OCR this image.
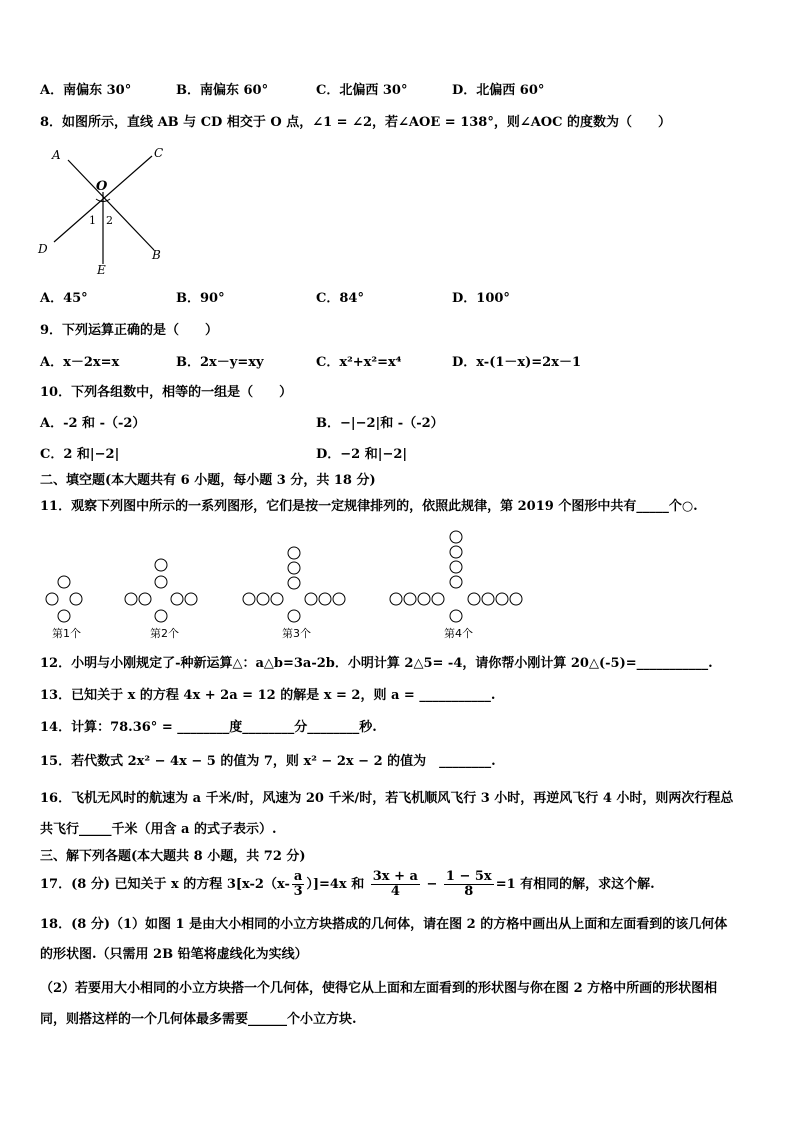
A．南偏东 30°	B．南偏东 60°	C．北偏西 30°	D．北偏西 60°
8．如图所示，直线 AB 与 CD 相交于 O 点，∠1 = ∠2，若∠AOE = 138°，则∠AOC 的度数为（　　）
A	C
O
1 2
D	B
E
A．45°	B．90°	C．84°	D．100°
9．下列运算正确的是（　　）
A．x－2x=x	B．2x－y=xy	C．x²+x²=x⁴	D．x-(1－x)=2x－1
10．下列各组数中，相等的一组是（　　）
A．-2 和 -（-2）	B．−|−2|和 -（-2）
C．2 和|−2|	D．−2 和|−2|
二、填空题(本大题共有 6 小题，每小题 3 分，共 18 分)
11．观察下列图中所示的一系列图形，它们是按一定规律排列的，依照此规律，第 2019 个图形中共有_____个○.
第1个	第2个	第3个	第4个
12．小明与小刚规定了-种新运算△：a△b=3a-2b．小明计算 2△5= -4，请你帮小刚计算 20△(-5)=___________.
13．已知关于 x 的方程 4x + 2a = 12 的解是 x = 2，则 a = ___________.
14．计算：78.36° = ________度________分________秒.
15．若代数式 2x² − 4x − 5 的值为 7，则 x² − 2x − 2 的值为　________.
16．飞机无风时的航速为 a 千米/时，风速为 20 千米/时，若飞机顺风飞行 3 小时，再逆风飞行 4 小时，则两次行程总
共飞行_____千米（用含 a 的式子表示）.
三、解下列各题(本大题共 8 小题，共 72 分)
17．(8 分) 已知关于 x 的方程 $3[x-2(x- \frac{a}{3} )]=4x$ 和 $\frac{3x + a}{4} - \frac{1 - 5x}{8} =1$ 有相同的解，求这个解.
18．(8 分)（1）如图 1 是由大小相同的小立方块搭成的几何体，请在图 2 的方格中画出从上面和左面看到的该几何体
的形状图.（只需用 2B 铅笔将虚线化为实线）
（2）若要用大小相同的小立方块搭一个几何体，使得它从上面和左面看到的形状图与你在图 2 方格中所画的形状图相
同，则搭这样的一个几何体最多需要______个小立方块.
